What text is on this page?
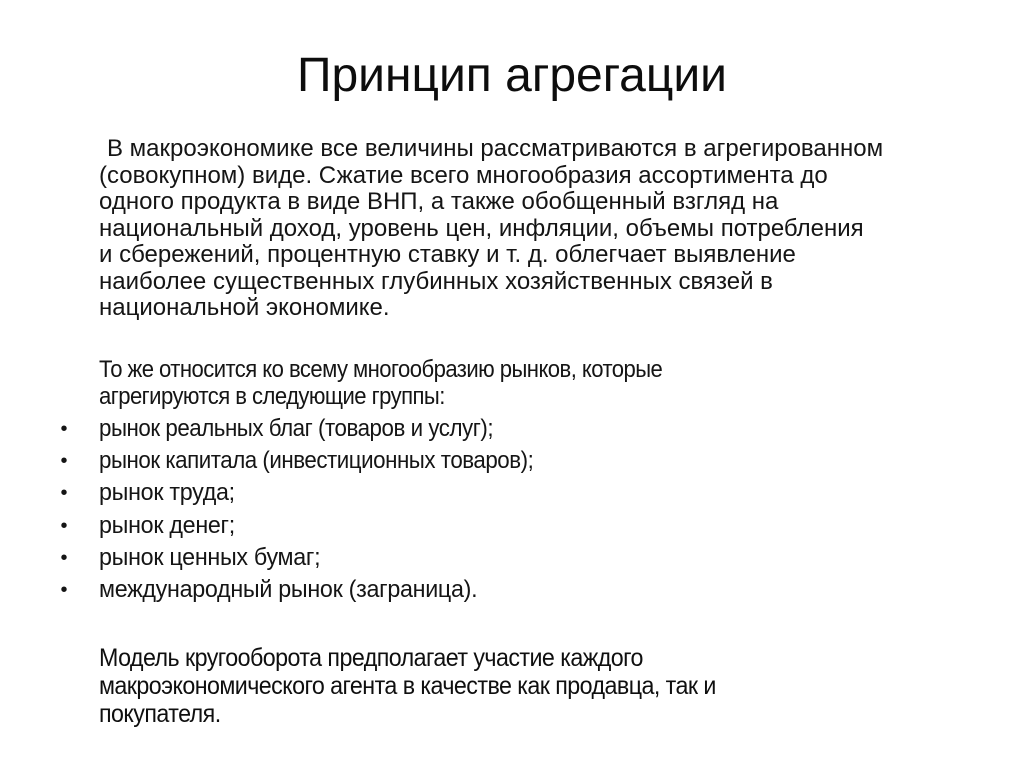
Принцип агрегации

В макроэкономике все величины рассматриваются в агрегированном
(совокупном) виде. Сжатие всего многообразия ассортимента до
одного продукта в виде ВНП, а также обобщенный взгляд на
национальный доход, уровень цен, инфляции, объемы потребления
и сбережений, процентную ставку и т. д. облегчает выявление
наиболее существенных глубинных хозяйственных связей в
национальной экономике.

То же относится ко всему многообразию рынков, которые
агрегируются в следующие группы:

• рынок реальных благ (товаров и услуг);
• рынок капитала (инвестиционных товаров);
• рынок труда;
• рынок денег;
• рынок ценных бумаг;
• международный рынок (заграница).

Модель кругооборота предполагает участие каждого
макроэкономического агента в качестве как продавца, так и
покупателя.
